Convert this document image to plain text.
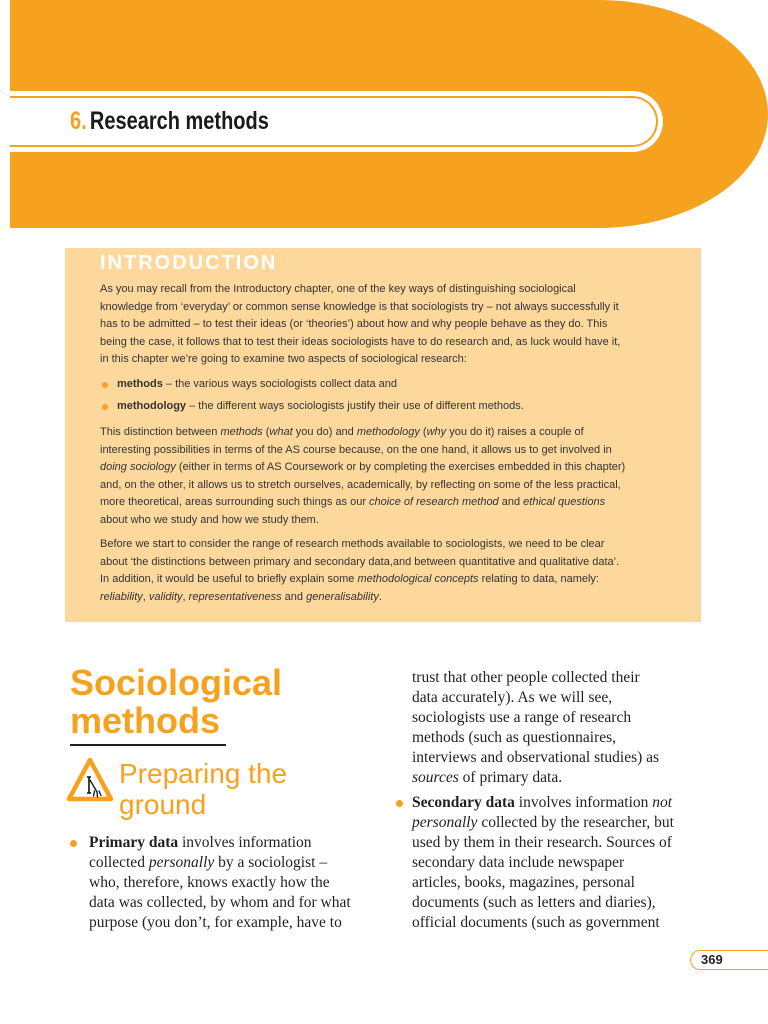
6. Research methods
INTRODUCTION
As you may recall from the Introductory chapter, one of the key ways of distinguishing sociological
knowledge from ‘everyday’ or common sense knowledge is that sociologists try – not always successfully it
has to be admitted – to test their ideas (or ‘theories’) about how and why people behave as they do. This
being the case, it follows that to test their ideas sociologists have to do research and, as luck would have it,
in this chapter we’re going to examine two aspects of sociological research:
methods – the various ways sociologists collect data and
methodology – the different ways sociologists justify their use of different methods.
This distinction between methods (what you do) and methodology (why you do it) raises a couple of
interesting possibilities in terms of the AS course because, on the one hand, it allows us to get involved in
doing sociology (either in terms of AS Coursework or by completing the exercises embedded in this chapter)
and, on the other, it allows us to stretch ourselves, academically, by reflecting on some of the less practical,
more theoretical, areas surrounding such things as our choice of research method and ethical questions
about who we study and how we study them.
Before we start to consider the range of research methods available to sociologists, we need to be clear
about ‘the distinctions between primary and secondary data,and between quantitative and qualitative data’.
In addition, it would be useful to briefly explain some methodological concepts relating to data, namely:
reliability, validity, representativeness and generalisability.
Sociological
methods
Preparing the
ground
Primary data involves information
collected personally by a sociologist –
who, therefore, knows exactly how the
data was collected, by whom and for what
purpose (you don’t, for example, have to
trust that other people collected their
data accurately). As we will see,
sociologists use a range of research
methods (such as questionnaires,
interviews and observational studies) as
sources of primary data.
Secondary data involves information not
personally collected by the researcher, but
used by them in their research. Sources of
secondary data include newspaper
articles, books, magazines, personal
documents (such as letters and diaries),
official documents (such as government
369
